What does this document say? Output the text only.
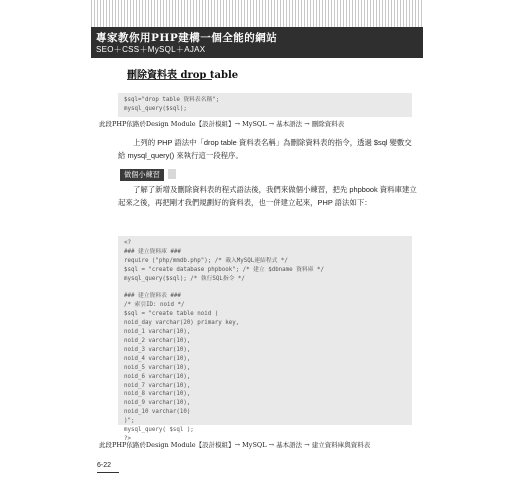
專家教你用PHP建構一個全能的網站
SEO＋CSS＋MySQL＋AJAX
刪除資料表 drop table
$sql="drop table 資料表名稱";
mysql_query($sql);
此段PHP依路於Design Module【設計模組】→ MySQL → 基本語法 → 刪除資料表
上列的 PHP 語法中「drop table 資料表名稱」為刪除資料表的指令，透過 $sql 變數交給 mysql_query() 來執行這一段程序。
做個小練習
了解了新增及刪除資料表的程式語法後，我們來做個小練習，把先 phpbook 資料庫建立起來之後，再把剛才我們規劃好的資料表，也一併建立起來，PHP 語法如下：
<?
### 建立資料庫 ###
require ("php/mmdb.php"); /* 載入MySQL連結程式 */
$sql = "create database phpbook"; /* 建立 $dbname 資料庫 */
mysql_query($sql); /* 執行SQL指令 */

### 建立資料表 ###
/* 索引ID: noid */
$sql = "create table noid (
noid_day varchar(20) primary key,
noid_1 varchar(10),
noid_2 varchar(10),
noid_3 varchar(10),
noid_4 varchar(10),
noid_5 varchar(10),
noid_6 varchar(10),
noid_7 varchar(10),
noid_8 varchar(10),
noid_9 varchar(10),
noid_10 varchar(10)
)";
mysql_query( $sql );
?>
此段PHP依路於Design Module【設計模組】→ MySQL → 基本語法 → 建立資料庫與資料表
6-22
